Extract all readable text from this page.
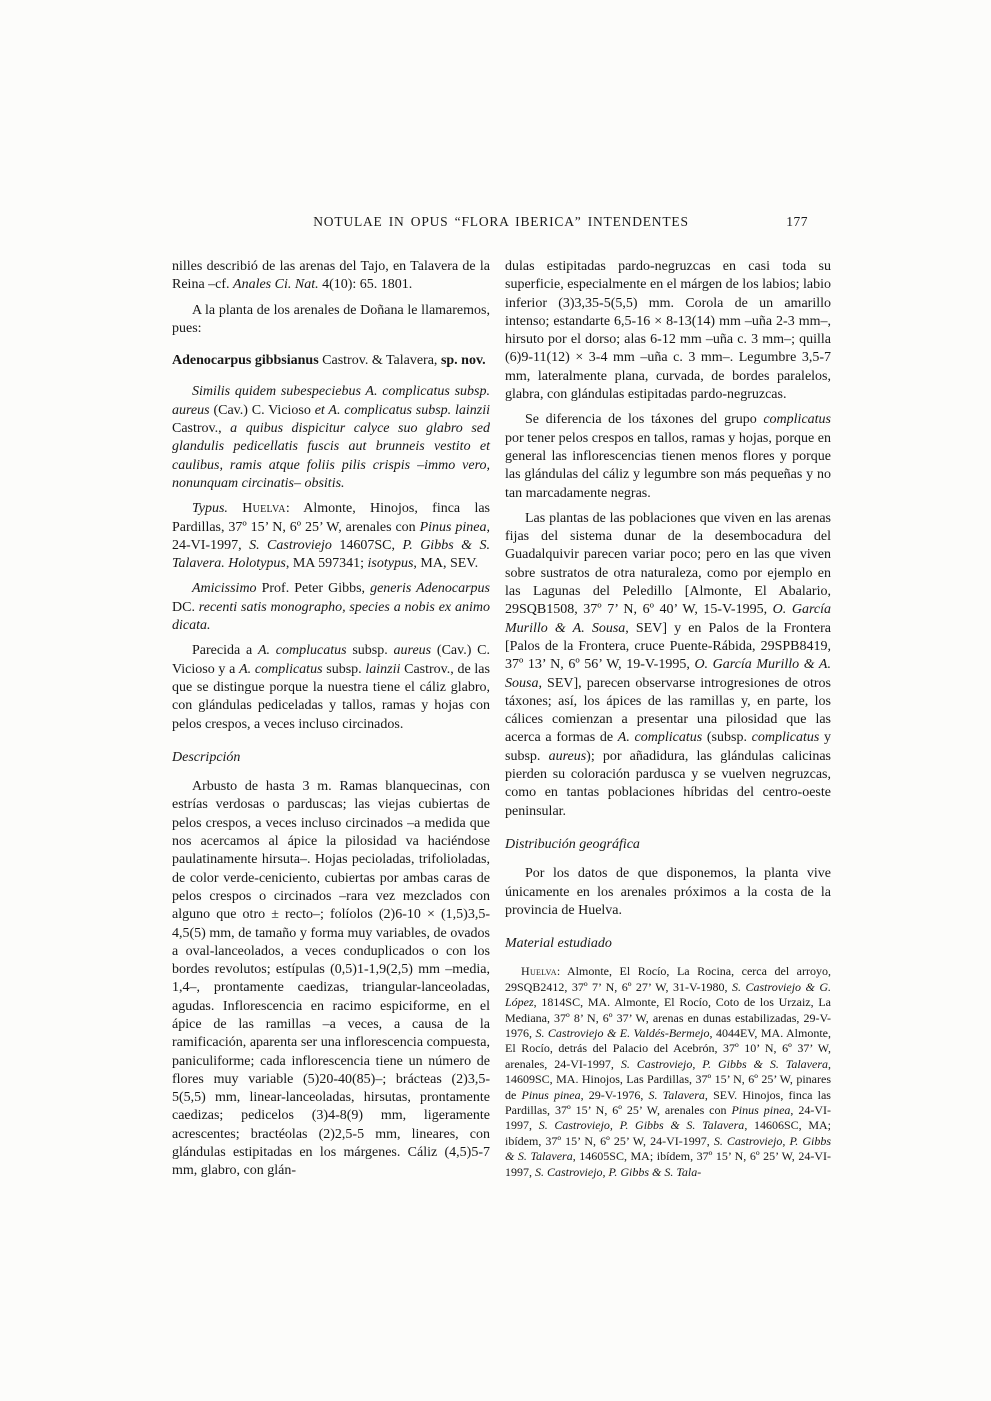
NOTULAE IN OPUS “FLORA IBERICA” INTENDENTES	177

nilles describió de las arenas del Tajo, en Talavera de la Reina –cf. Anales Ci. Nat. 4(10): 65. 1801.

A la planta de los arenales de Doñana le llamaremos, pues:

Adenocarpus gibbsianus Castrov. & Talavera, sp. nov.

Similis quidem subespeciebus A. complicatus subsp. aureus (Cav.) C. Vicioso et A. complicatus subsp. lainzii Castrov., a quibus dispicitur calyce suo glabro sed glandulis pedicellatis fuscis aut brunneis vestito et caulibus, ramis atque foliis pilis crispis –immo vero, nonunquam circinatis– obsitis.

Typus. Huelva: Almonte, Hinojos, finca las Pardillas, 37º 15’ N, 6º 25’ W, arenales con Pinus pinea, 24-VI-1997, S. Castroviejo 14607SC, P. Gibbs & S. Talavera. Holotypus, MA 597341; isotypus, MA, SEV.

Amicissimo Prof. Peter Gibbs, generis Adenocarpus DC. recenti satis monographo, species a nobis ex animo dicata.

Parecida a A. complucatus subsp. aureus (Cav.) C. Vicioso y a A. complicatus subsp. lainzii Castrov., de las que se distingue porque la nuestra tiene el cáliz glabro, con glándulas pediceladas y tallos, ramas y hojas con pelos crespos, a veces incluso circinados.

Descripción

Arbusto de hasta 3 m. Ramas blanquecinas, con estrías verdosas o parduscas; las viejas cubiertas de pelos crespos, a veces incluso circinados –a medida que nos acercamos al ápice la pilosidad va haciéndose paulatinamente hirsuta–. Hojas pecioladas, trifolioladas, de color verde-ceniciento, cubiertas por ambas caras de pelos crespos o circinados –rara vez mezclados con alguno que otro ± recto–; folíolos (2)6-10 × (1,5)3,5-4,5(5) mm, de tamaño y forma muy variables, de ovados a oval-lanceolados, a veces conduplicados o con los bordes revolutos; estípulas (0,5)1-1,9(2,5) mm –media, 1,4–, prontamente caedizas, triangular-lanceoladas, agudas. Inflorescencia en racimo espiciforme, en el ápice de las ramillas –a veces, a causa de la ramificación, aparenta ser una inflorescencia compuesta, paniculiforme; cada inflorescencia tiene un número de flores muy variable (5)20-40(85)–; brácteas (2)3,5-5(5,5) mm, linear-lanceoladas, hirsutas, prontamente caedizas; pedicelos (3)4-8(9) mm, ligeramente acrescentes; bractéolas (2)2,5-5 mm, lineares, con glándulas estipitadas en los márgenes. Cáliz (4,5)5-7 mm, glabro, con glán-

dulas estipitadas pardo-negruzcas en casi toda su superficie, especialmente en el márgen de los labios; labio inferior (3)3,35-5(5,5) mm. Corola de un amarillo intenso; estandarte 6,5-16 × 8-13(14) mm –uña 2-3 mm–, hirsuto por el dorso; alas 6-12 mm –uña c. 3 mm–; quilla (6)9-11(12) × 3-4 mm –uña c. 3 mm–. Legumbre 3,5-7 mm, lateralmente plana, curvada, de bordes paralelos, glabra, con glándulas estipitadas pardo-negruzcas.

Se diferencia de los táxones del grupo complicatus por tener pelos crespos en tallos, ramas y hojas, porque en general las inflorescencias tienen menos flores y porque las glándulas del cáliz y legumbre son más pequeñas y no tan marcadamente negras.

Las plantas de las poblaciones que viven en las arenas fijas del sistema dunar de la desembocadura del Guadalquivir parecen variar poco; pero en las que viven sobre sustratos de otra naturaleza, como por ejemplo en las Lagunas del Peledillo [Almonte, El Abalario, 29SQB1508, 37º 7’ N, 6º 40’ W, 15-V-1995, O. García Murillo & A. Sousa, SEV] y en Palos de la Frontera [Palos de la Frontera, cruce Puente-Rábida, 29SPB8419, 37º 13’ N, 6º 56’ W, 19-V-1995, O. García Murillo & A. Sousa, SEV], parecen observarse introgresiones de otros táxones; así, los ápices de las ramillas y, en parte, los cálices comienzan a presentar una pilosidad que las acerca a formas de A. complicatus (subsp. complicatus y subsp. aureus); por añadidura, las glándulas calicinas pierden su coloración pardusca y se vuelven negruzcas, como en tantas poblaciones híbridas del centro-oeste peninsular.

Distribución geográfica

Por los datos de que disponemos, la planta vive únicamente en los arenales próximos a la costa de la provincia de Huelva.

Material estudiado

Huelva: Almonte, El Rocío, La Rocina, cerca del arroyo, 29SQB2412, 37º 7’ N, 6º 27’ W, 31-V-1980, S. Castroviejo & G. López, 1814SC, MA. Almonte, El Rocío, Coto de los Urzaiz, La Mediana, 37º 8’ N, 6º 37’ W, arenas en dunas estabilizadas, 29-V-1976, S. Castroviejo & E. Valdés-Bermejo, 4044EV, MA. Almonte, El Rocío, detrás del Palacio del Acebrón, 37º 10’ N, 6º 37’ W, arenales, 24-VI-1997, S. Castroviejo, P. Gibbs & S. Talavera, 14609SC, MA. Hinojos, Las Pardillas, 37º 15’ N, 6º 25’ W, pinares de Pinus pinea, 29-V-1976, S. Talavera, SEV. Hinojos, finca las Pardillas, 37º 15’ N, 6º 25’ W, arenales con Pinus pinea, 24-VI-1997, S. Castroviejo, P. Gibbs & S. Talavera, 14606SC, MA; ibídem, 37º 15’ N, 6º 25’ W, 24-VI-1997, S. Castroviejo, P. Gibbs & S. Talavera, 14605SC, MA; ibídem, 37º 15’ N, 6º 25’ W, 24-VI-1997, S. Castroviejo, P. Gibbs & S. Tala-
